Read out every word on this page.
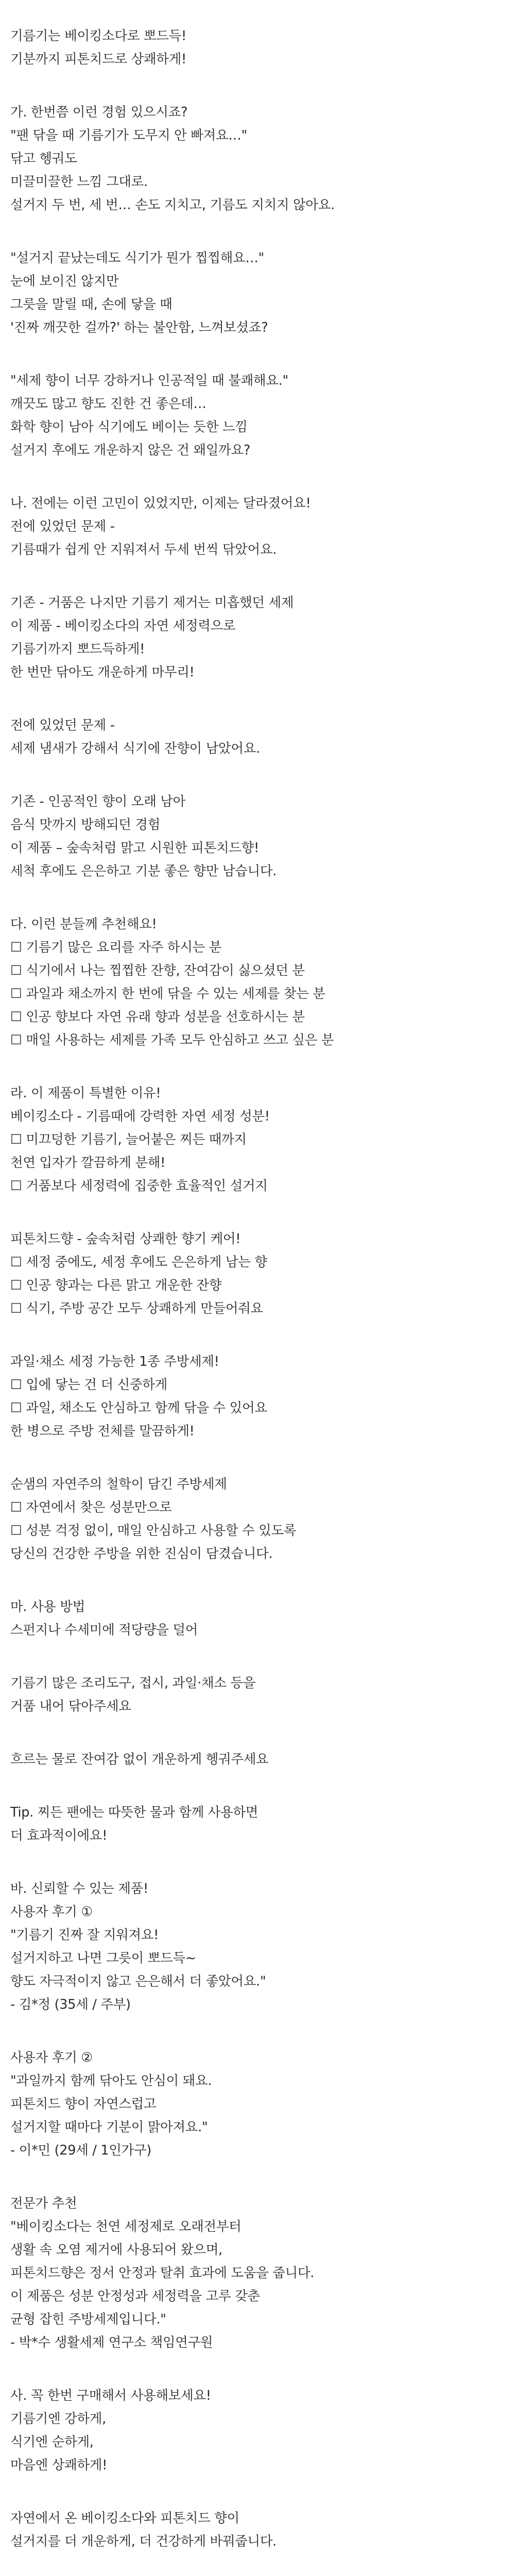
기름기는 베이킹소다로 뽀드득!
기분까지 피톤치드로 상쾌하게!
가. 한번쯤 이런 경험 있으시죠?
"팬 닦을 때 기름기가 도무지 안 빠져요…"
닦고 헹궈도
미끌미끌한 느낌 그대로.
설거지 두 번, 세 번… 손도 지치고, 기름도 지치지 않아요.
"설거지 끝났는데도 식기가 뭔가 찝찝해요…"
눈에 보이진 않지만
그릇을 말릴 때, 손에 닿을 때
'진짜 깨끗한 걸까?' 하는 불안함, 느껴보셨죠?
"세제 향이 너무 강하거나 인공적일 때 불쾌해요."
깨끗도 많고 향도 진한 건 좋은데…
화학 향이 남아 식기에도 베이는 듯한 느낌
설거지 후에도 개운하지 않은 건 왜일까요?
나. 전에는 이런 고민이 있었지만, 이제는 달라졌어요!
전에 있었던 문제 -
기름때가 쉽게 안 지워져서 두세 번씩 닦았어요.
기존 - 거품은 나지만 기름기 제거는 미흡했던 세제
이 제품 - 베이킹소다의 자연 세정력으로
기름기까지 뽀드득하게!
한 번만 닦아도 개운하게 마무리!
전에 있었던 문제 -
세제 냄새가 강해서 식기에 잔향이 남았어요.
기존 - 인공적인 향이 오래 남아
음식 맛까지 방해되던 경험
이 제품 – 숲속처럼 맑고 시원한 피톤치드향!
세척 후에도 은은하고 기분 좋은 향만 남습니다.
다. 이런 분들께 추천해요!
☐ 기름기 많은 요리를 자주 하시는 분
☐ 식기에서 나는 찝찝한 잔향, 잔여감이 싫으셨던 분
☐ 과일과 채소까지 한 번에 닦을 수 있는 세제를 찾는 분
☐ 인공 향보다 자연 유래 향과 성분을 선호하시는 분
☐ 매일 사용하는 세제를 가족 모두 안심하고 쓰고 싶은 분
라. 이 제품이 특별한 이유!
베이킹소다 - 기름때에 강력한 자연 세정 성분!
☐ 미끄덩한 기름기, 늘어붙은 찌든 때까지
천연 입자가 깔끔하게 분해!
☐ 거품보다 세정력에 집중한 효율적인 설거지
피톤치드향 - 숲속처럼 상쾌한 향기 케어!
☐ 세정 중에도, 세정 후에도 은은하게 남는 향
☐ 인공 향과는 다른 맑고 개운한 잔향
☐ 식기, 주방 공간 모두 상쾌하게 만들어줘요
과일·채소 세정 가능한 1종 주방세제!
☐ 입에 닿는 건 더 신중하게
☐ 과일, 채소도 안심하고 함께 닦을 수 있어요
한 병으로 주방 전체를 말끔하게!
순샘의 자연주의 철학이 담긴 주방세제
☐ 자연에서 찾은 성분만으로
☐ 성분 걱정 없이, 매일 안심하고 사용할 수 있도록
당신의 건강한 주방을 위한 진심이 담겼습니다.
마. 사용 방법
스펀지나 수세미에 적당량을 덜어
기름기 많은 조리도구, 접시, 과일·채소 등을
거품 내어 닦아주세요
흐르는 물로 잔여감 없이 개운하게 헹궈주세요
Tip. 찌든 팬에는 따뜻한 물과 함께 사용하면
더 효과적이에요!
바. 신뢰할 수 있는 제품!
사용자 후기 ①
"기름기 진짜 잘 지워져요!
설거지하고 나면 그릇이 뽀드득~
향도 자극적이지 않고 은은해서 더 좋았어요."
- 김*정 (35세 / 주부)
사용자 후기 ②
"과일까지 함께 닦아도 안심이 돼요.
피톤치드 향이 자연스럽고
설거지할 때마다 기분이 맑아져요."
- 이*민 (29세 / 1인가구)
전문가 추천
"베이킹소다는 천연 세정제로 오래전부터
생활 속 오염 제거에 사용되어 왔으며,
피톤치드향은 정서 안정과 탈취 효과에 도움을 줍니다.
이 제품은 성분 안정성과 세정력을 고루 갖춘
균형 잡힌 주방세제입니다."
- 박*수 생활세제 연구소 책임연구원
사. 꼭 한번 구매해서 사용해보세요!
기름기엔 강하게,
식기엔 순하게,
마음엔 상쾌하게!
자연에서 온 베이킹소다와 피톤치드 향이
설거지를 더 개운하게, 더 건강하게 바꿔줍니다.
